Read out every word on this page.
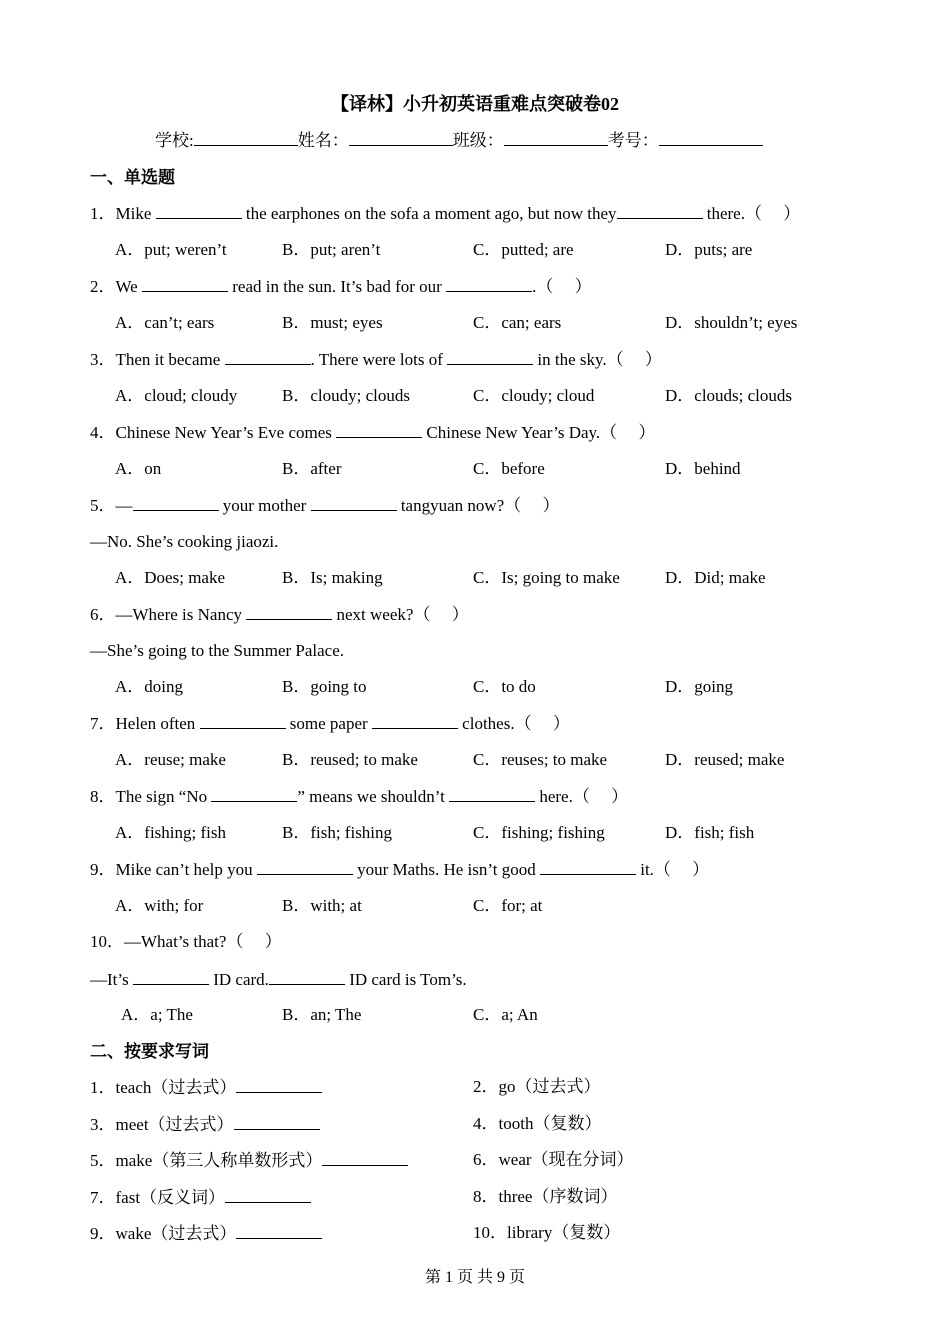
【译林】小升初英语重难点突破卷02
学校:	姓名：	班级：	考号：
一、单选题
1．Mike	the earphones on the sofa a moment ago, but now they	there.（　 ）
A．put; weren’t	B．put; aren’t	C．putted; are	D．puts; are
2．We	read in the sun. It’s bad for our	.（　 ）
A．can’t; ears	B．must; eyes	C．can; ears	D．shouldn’t; eyes
3．Then it became	. There were lots of	in the sky.（　 ）
A．cloud; cloudy	B．cloudy; clouds	C．cloudy; cloud	D．clouds; clouds
4．Chinese New Year’s Eve comes	Chinese New Year’s Day.（　 ）
A．on	B．after	C．before	D．behind
5．—	your mother	tangyuan now?（　 ）
—No. She’s cooking jiaozi.
A．Does; make	B．Is; making	C．Is; going to make	D．Did; make
6．—Where is Nancy	next week?（　 ）
—She’s going to the Summer Palace.
A．doing	B．going to	C．to do	D．going
7．Helen often	some paper	clothes.（　 ）
A．reuse; make	B．reused; to make	C．reuses; to make	D．reused; make
8．The sign “No	” means we shouldn’t	here.（　 ）
A．fishing; fish	B．fish; fishing	C．fishing; fishing	D．fish; fish
9．Mike can’t help you	your Maths. He isn’t good	it.（　 ）
A．with; for	B．with; at	C．for; at
10．—What’s that?（　 ）
—It’s	ID card.	ID card is Tom’s.
A．a; The	B．an; The	C．a; An
二、按要求写词
1．teach（过去式）	2．go（过去式）
3．meet（过去式）	4．tooth（复数）
5．make（第三人称单数形式）	6．wear（现在分词）
7．fast（反义词）	8．three（序数词）
9．wake（过去式）	10．library（复数）
第 1 页 共 9 页
